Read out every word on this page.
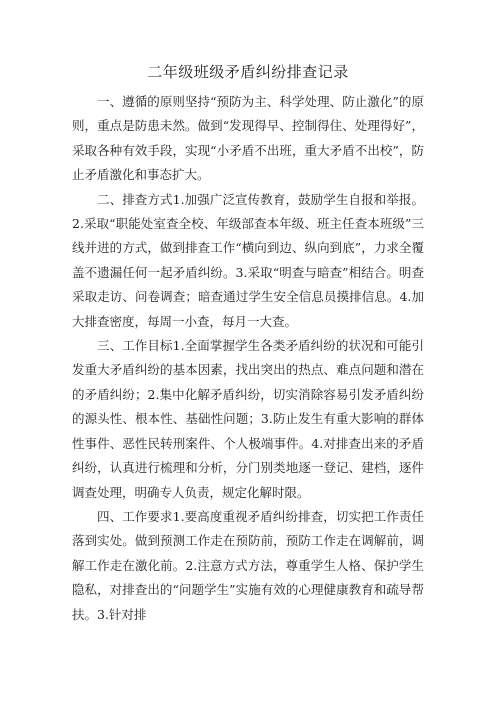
二年级班级矛盾纠纷排查记录

一、遵循的原则坚持“预防为主、科学处理、防止激化”的原则，重点是防患未然。做到“发现得早、控制得住、处理得好”，采取各种有效手段，实现“小矛盾不出班，重大矛盾不出校”，防止矛盾激化和事态扩大。

二、排查方式1.加强广泛宣传教育，鼓励学生自报和举报。2.采取“职能处室查全校、年级部查本年级、班主任查本班级”三线并进的方式，做到排查工作“横向到边、纵向到底”，力求全覆盖不遗漏任何一起矛盾纠纷。3.采取“明查与暗查”相结合。明查采取走访、问卷调查；暗查通过学生安全信息员摸排信息。4.加大排查密度，每周一小查，每月一大查。

三、工作目标1.全面掌握学生各类矛盾纠纷的状况和可能引发重大矛盾纠纷的基本因素，找出突出的热点、难点问题和潜在的矛盾纠纷；2.集中化解矛盾纠纷，切实消除容易引发矛盾纠纷的源头性、根本性、基础性问题；3.防止发生有重大影响的群体性事件、恶性民转刑案件、个人极端事件。4.对排查出来的矛盾纠纷，认真进行梳理和分析，分门别类地逐一登记、建档，逐件调查处理，明确专人负责，规定化解时限。

四、工作要求1.要高度重视矛盾纠纷排查，切实把工作责任落到实处。做到预测工作走在预防前，预防工作走在调解前，调解工作走在激化前。2.注意方式方法，尊重学生人格、保护学生隐私，对排查出的“问题学生”实施有效的心理健康教育和疏导帮扶。3.针对排
